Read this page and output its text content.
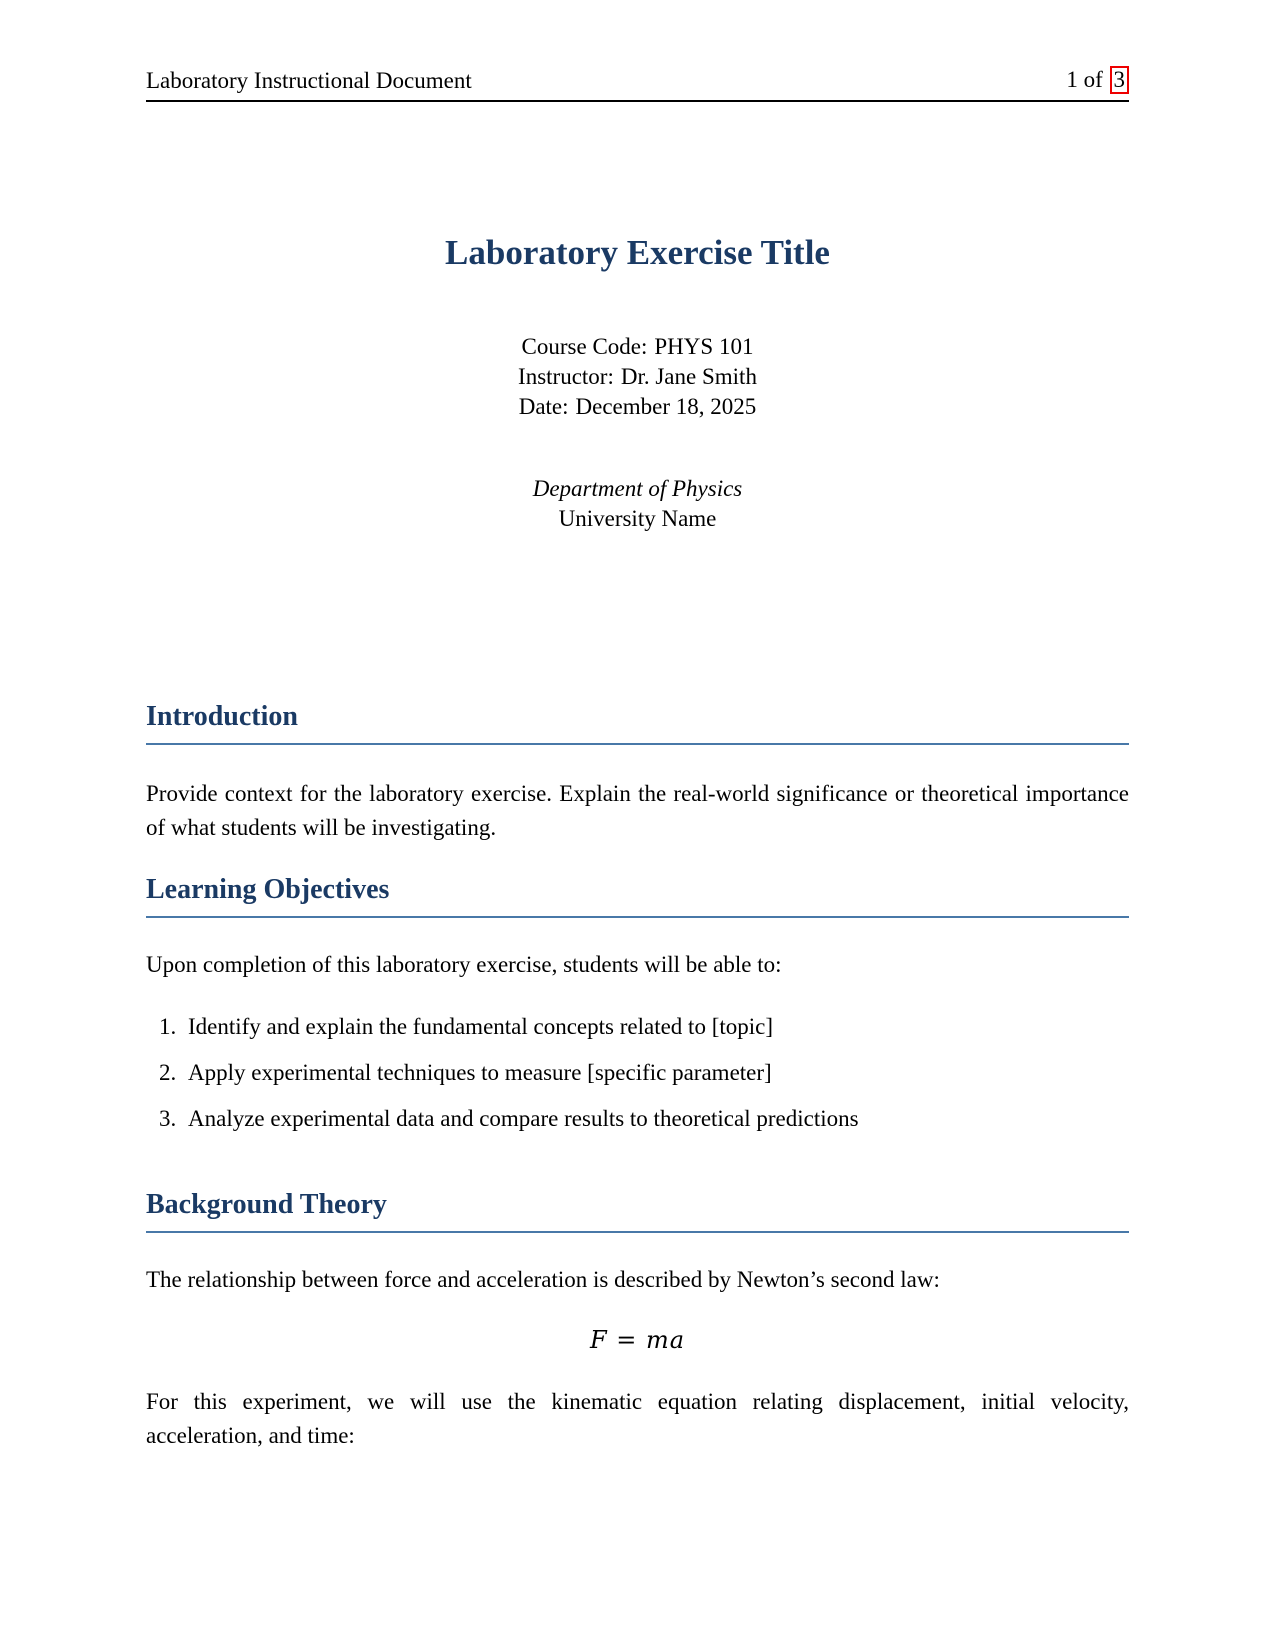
Laboratory Instructional Document	1 of 3
Laboratory Exercise Title
Course Code: PHYS 101
Instructor: Dr. Jane Smith
Date: December 18, 2025
Department of Physics
University Name
Introduction

Provide context for the laboratory exercise. Explain the real-world significance or theoretical importance of what students will be investigating.

Learning Objectives

Upon completion of this laboratory exercise, students will be able to:

1. Identify and explain the fundamental concepts related to [topic]
2. Apply experimental techniques to measure [specific parameter]
3. Analyze experimental data and compare results to theoretical predictions
Background Theory

The relationship between force and acceleration is described by Newton’s second law:

F = ma

For this experiment, we will use the kinematic equation relating displacement, initial velocity, acceleration, and time:
